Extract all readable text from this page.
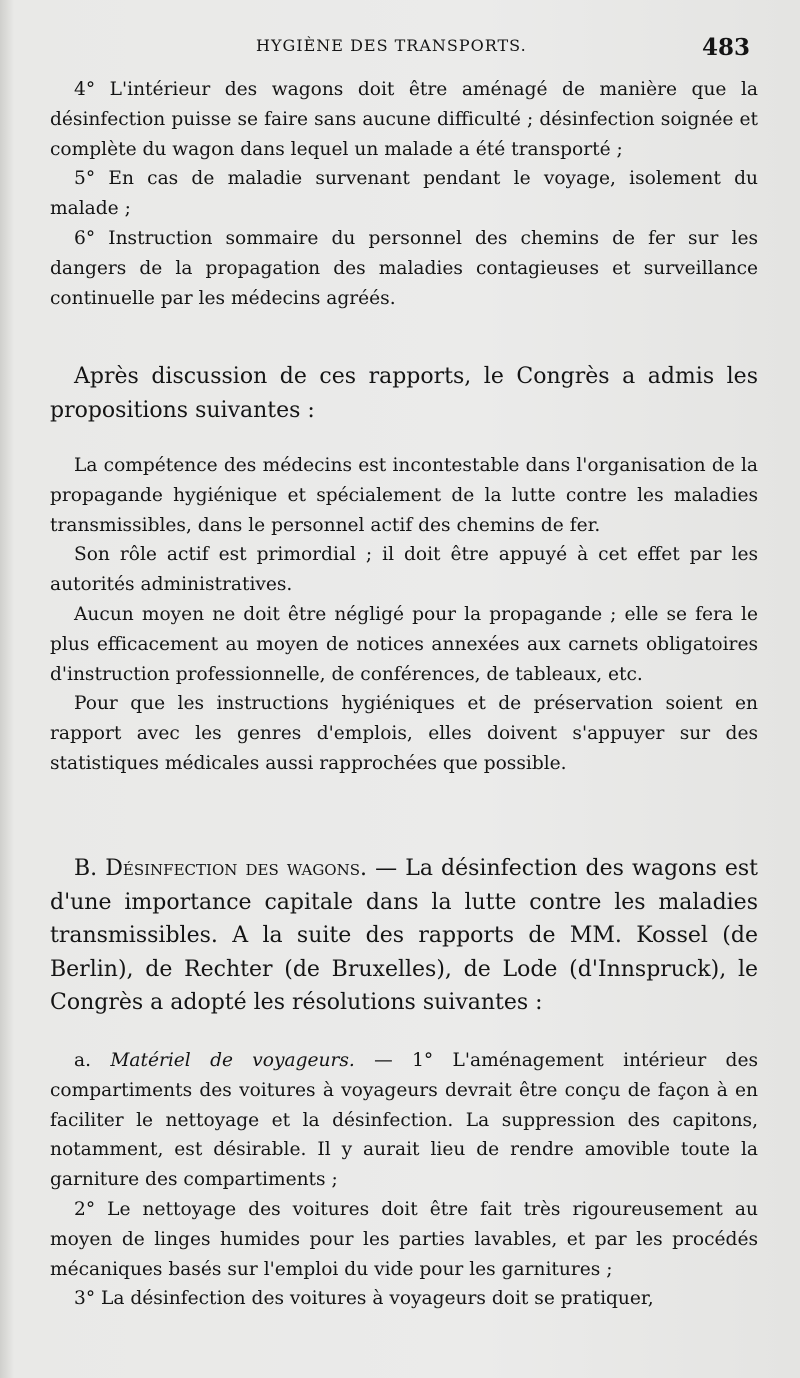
HYGIÈNE DES TRANSPORTS.	483

4° L'intérieur des wagons doit être aménagé de manière que la désinfection puisse se faire sans aucune difficulté ; désinfection soignée et complète du wagon dans lequel un malade a été transporté ;

5° En cas de maladie survenant pendant le voyage, isolement du malade ;

6° Instruction sommaire du personnel des chemins de fer sur les dangers de la propagation des maladies contagieuses et surveillance continuelle par les médecins agréés.

Après discussion de ces rapports, le Congrès a admis les propositions suivantes :

La compétence des médecins est incontestable dans l'organisation de la propagande hygiénique et spécialement de la lutte contre les maladies transmissibles, dans le personnel actif des chemins de fer.

Son rôle actif est primordial ; il doit être appuyé à cet effet par les autorités administratives.

Aucun moyen ne doit être négligé pour la propagande ; elle se fera le plus efficacement au moyen de notices annexées aux carnets obligatoires d'instruction professionnelle, de conférences, de tableaux, etc.

Pour que les instructions hygiéniques et de préservation soient en rapport avec les genres d'emplois, elles doivent s'appuyer sur des statistiques médicales aussi rapprochées que possible.

B. Désinfection des wagons. — La désinfection des wagons est d'une importance capitale dans la lutte contre les maladies transmissibles. A la suite des rapports de MM. Kossel (de Berlin), de Rechter (de Bruxelles), de Lode (d'Innspruck), le Congrès a adopté les résolutions suivantes :

a. Matériel de voyageurs. — 1° L'aménagement intérieur des compartiments des voitures à voyageurs devrait être conçu de façon à en faciliter le nettoyage et la désinfection. La suppression des capitons, notamment, est désirable. Il y aurait lieu de rendre amovible toute la garniture des compartiments ;

2° Le nettoyage des voitures doit être fait très rigoureusement au moyen de linges humides pour les parties lavables, et par les procédés mécaniques basés sur l'emploi du vide pour les garnitures ;

3° La désinfection des voitures à voyageurs doit se pratiquer,
